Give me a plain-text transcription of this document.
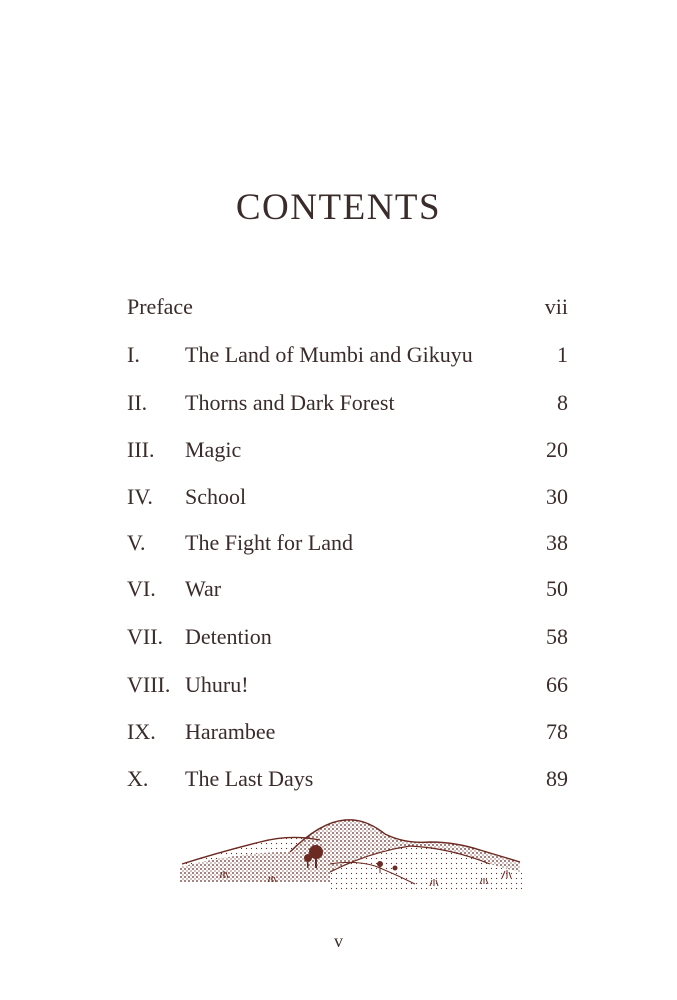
CONTENTS
Preface	vii
I. The Land of Mumbi and Gikuyu	1
II. Thorns and Dark Forest	8
III. Magic	20
IV. School	30
V. The Fight for Land	38
VI. War	50
VII. Detention	58
VIII. Uhuru!	66
IX. Harambee	78
X. The Last Days	89
v
